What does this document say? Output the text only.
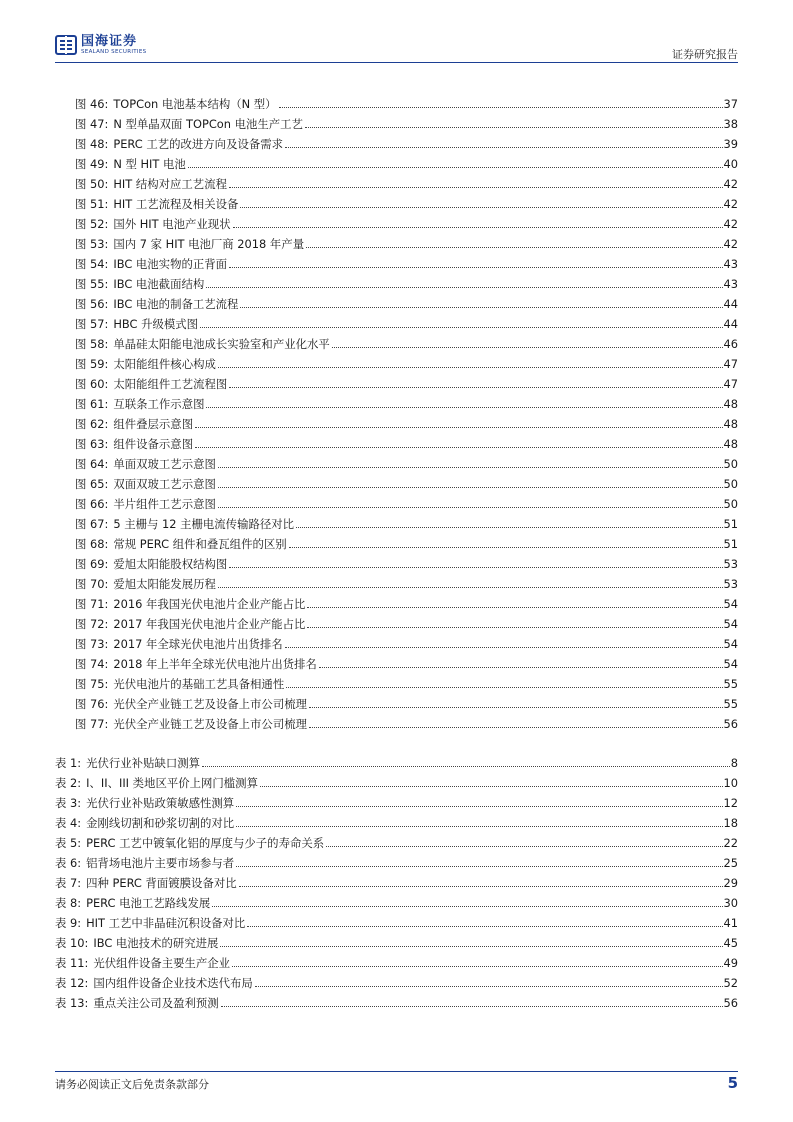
国海证券
SEALAND SECURITIES	证券研究报告
图 46: TOPCon 电池基本结构（N 型）	37
图 47: N 型单晶双面 TOPCon 电池生产工艺	38
图 48: PERC 工艺的改进方向及设备需求	39
图 49: N 型 HIT 电池	40
图 50: HIT 结构对应工艺流程	42
图 51: HIT 工艺流程及相关设备	42
图 52: 国外 HIT 电池产业现状	42
图 53: 国内 7 家 HIT 电池厂商 2018 年产量	42
图 54: IBC 电池实物的正背面	43
图 55: IBC 电池截面结构	43
图 56: IBC 电池的制备工艺流程	44
图 57: HBC 升级模式图	44
图 58: 单晶硅太阳能电池成长实验室和产业化水平	46
图 59: 太阳能组件核心构成	47
图 60: 太阳能组件工艺流程图	47
图 61: 互联条工作示意图	48
图 62: 组件叠层示意图	48
图 63: 组件设备示意图	48
图 64: 单面双玻工艺示意图	50
图 65: 双面双玻工艺示意图	50
图 66: 半片组件工艺示意图	50
图 67: 5 主栅与 12 主栅电流传输路径对比	51
图 68: 常规 PERC 组件和叠瓦组件的区别	51
图 69: 爱旭太阳能股权结构图	53
图 70: 爱旭太阳能发展历程	53
图 71: 2016 年我国光伏电池片企业产能占比	54
图 72: 2017 年我国光伏电池片企业产能占比	54
图 73: 2017 年全球光伏电池片出货排名	54
图 74: 2018 年上半年全球光伏电池片出货排名	54
图 75: 光伏电池片的基础工艺具备相通性	55
图 76: 光伏全产业链工艺及设备上市公司梳理	55
图 77: 光伏全产业链工艺及设备上市公司梳理	56
表 1: 光伏行业补贴缺口测算	8
表 2: I、II、III 类地区平价上网门槛测算	10
表 3: 光伏行业补贴政策敏感性测算	12
表 4: 金刚线切割和砂浆切割的对比	18
表 5: PERC 工艺中镀氧化铝的厚度与少子的寿命关系	22
表 6: 铝背场电池片主要市场参与者	25
表 7: 四种 PERC 背面镀膜设备对比	29
表 8: PERC 电池工艺路线发展	30
表 9: HIT 工艺中非晶硅沉积设备对比	41
表 10: IBC 电池技术的研究进展	45
表 11: 光伏组件设备主要生产企业	49
表 12: 国内组件设备企业技术迭代布局	52
表 13: 重点关注公司及盈利预测	56
请务必阅读正文后免责条款部分	5
